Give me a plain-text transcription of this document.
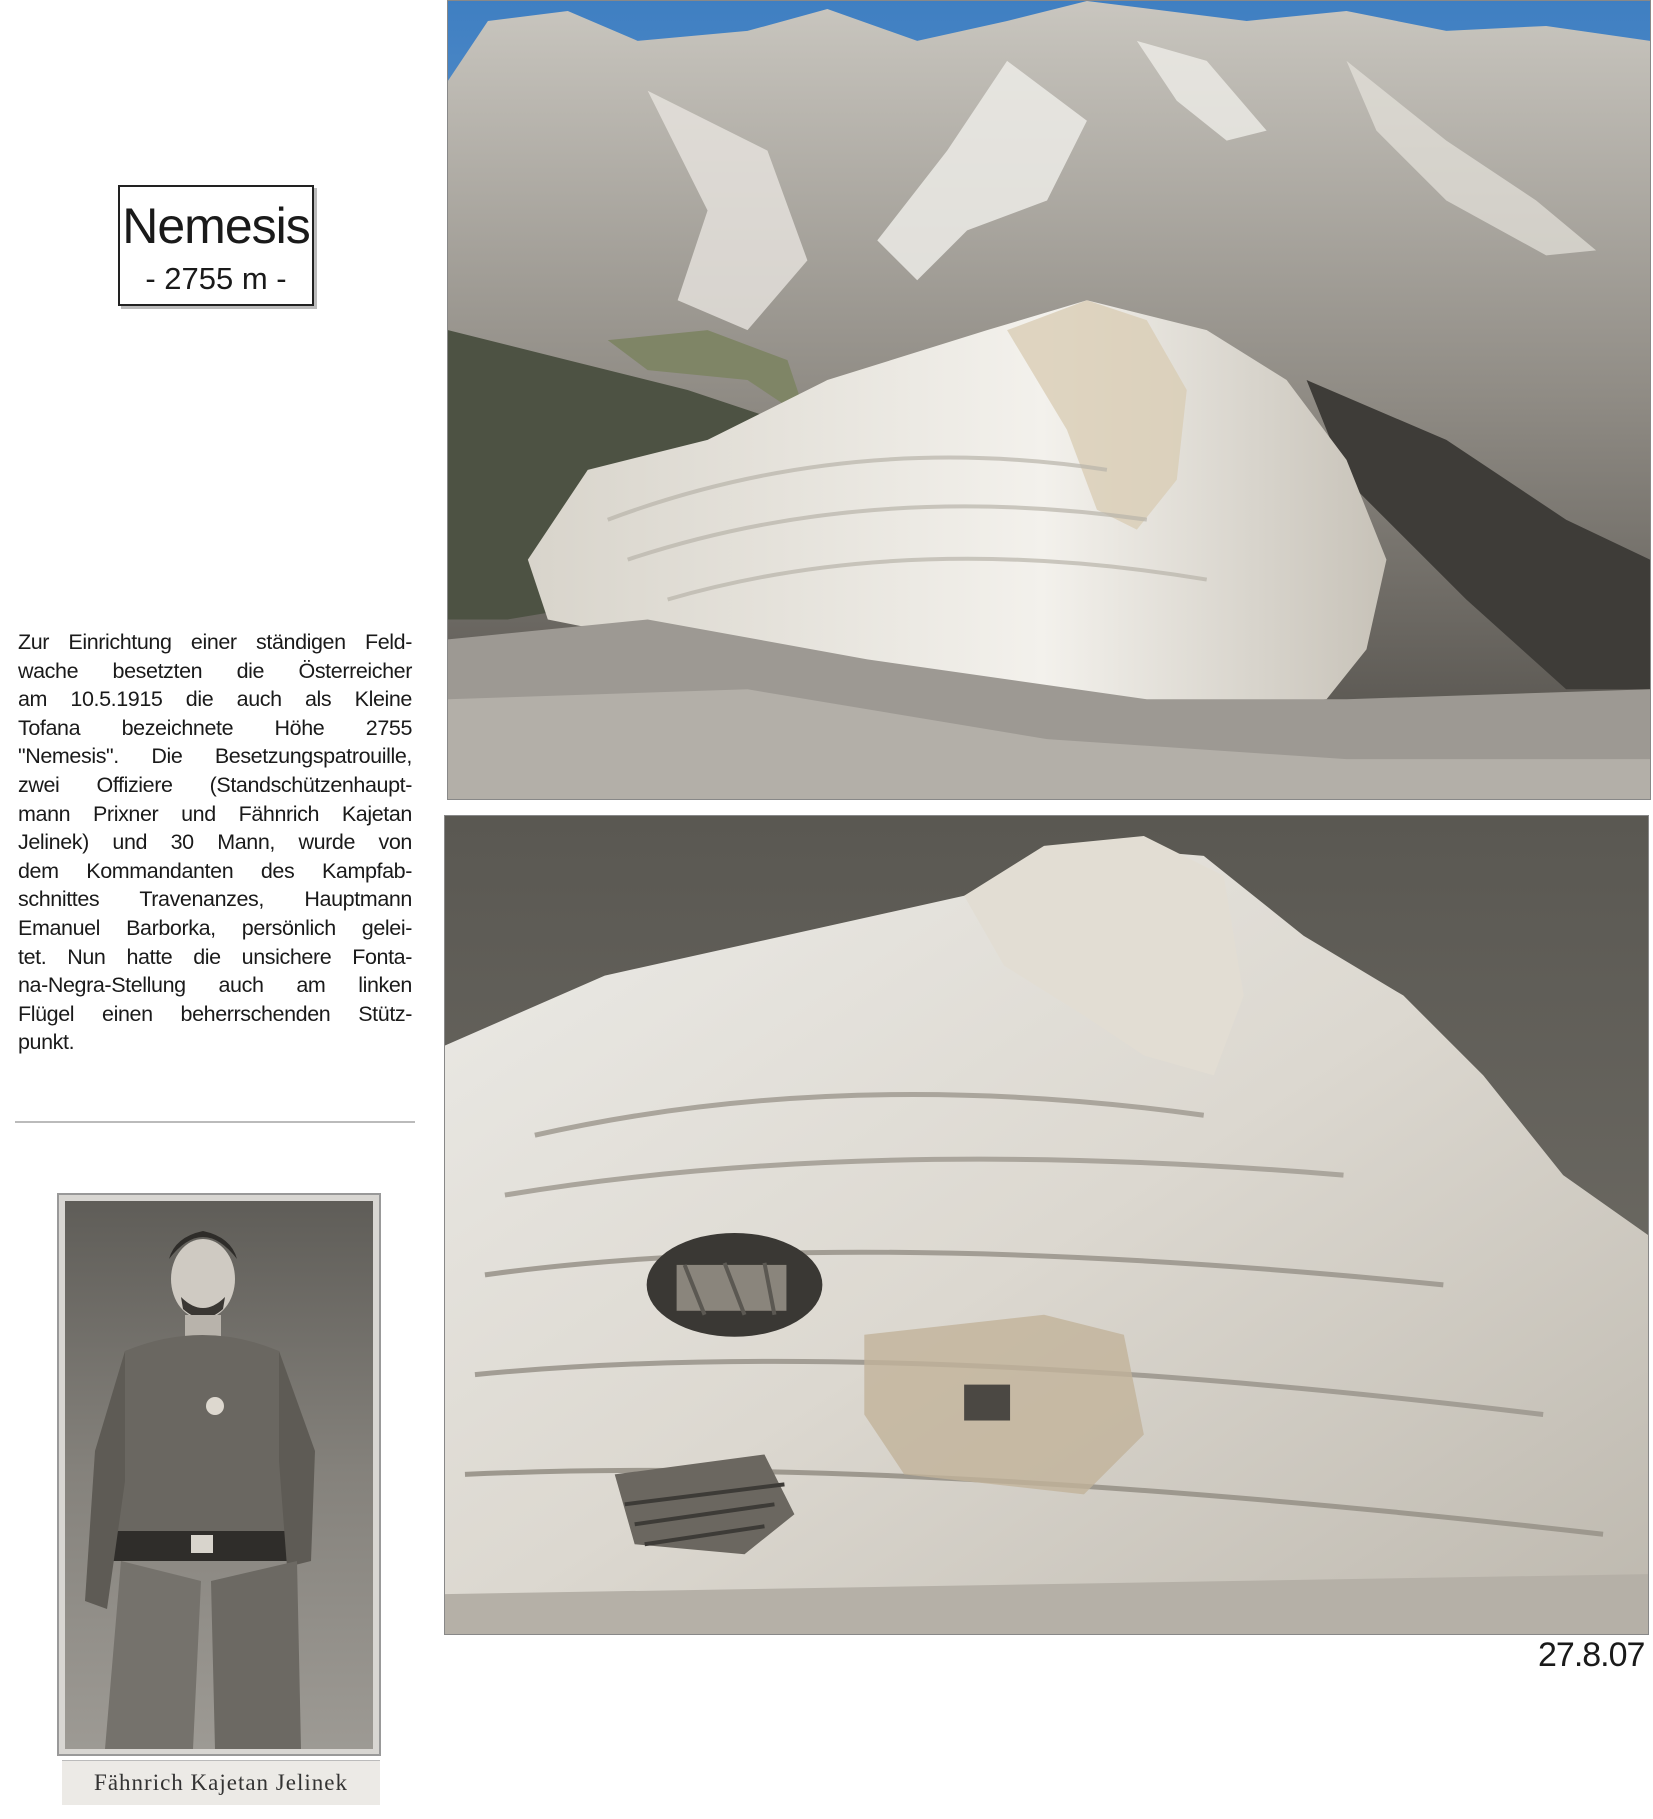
Nemesis
- 2755 m -
Zur Einrichtung einer ständigen Feld-
wache besetzten die Österreicher
am 10.5.1915 die auch als Kleine
Tofana bezeichnete Höhe 2755
"Nemesis". Die Besetzungspatrouille,
zwei Offiziere (Standschützenhaupt-
mann Prixner und Fähnrich Kajetan
Jelinek) und 30 Mann, wurde von
dem Kommandanten des Kampfab-
schnittes Travenanzes, Hauptmann
Emanuel Barborka, persönlich gelei-
tet. Nun hatte die unsichere Fonta-
na-Negra-Stellung auch am linken
Flügel einen beherrschenden Stütz-
punkt.
Fähnrich Kajetan Jelinek
27.8.07
